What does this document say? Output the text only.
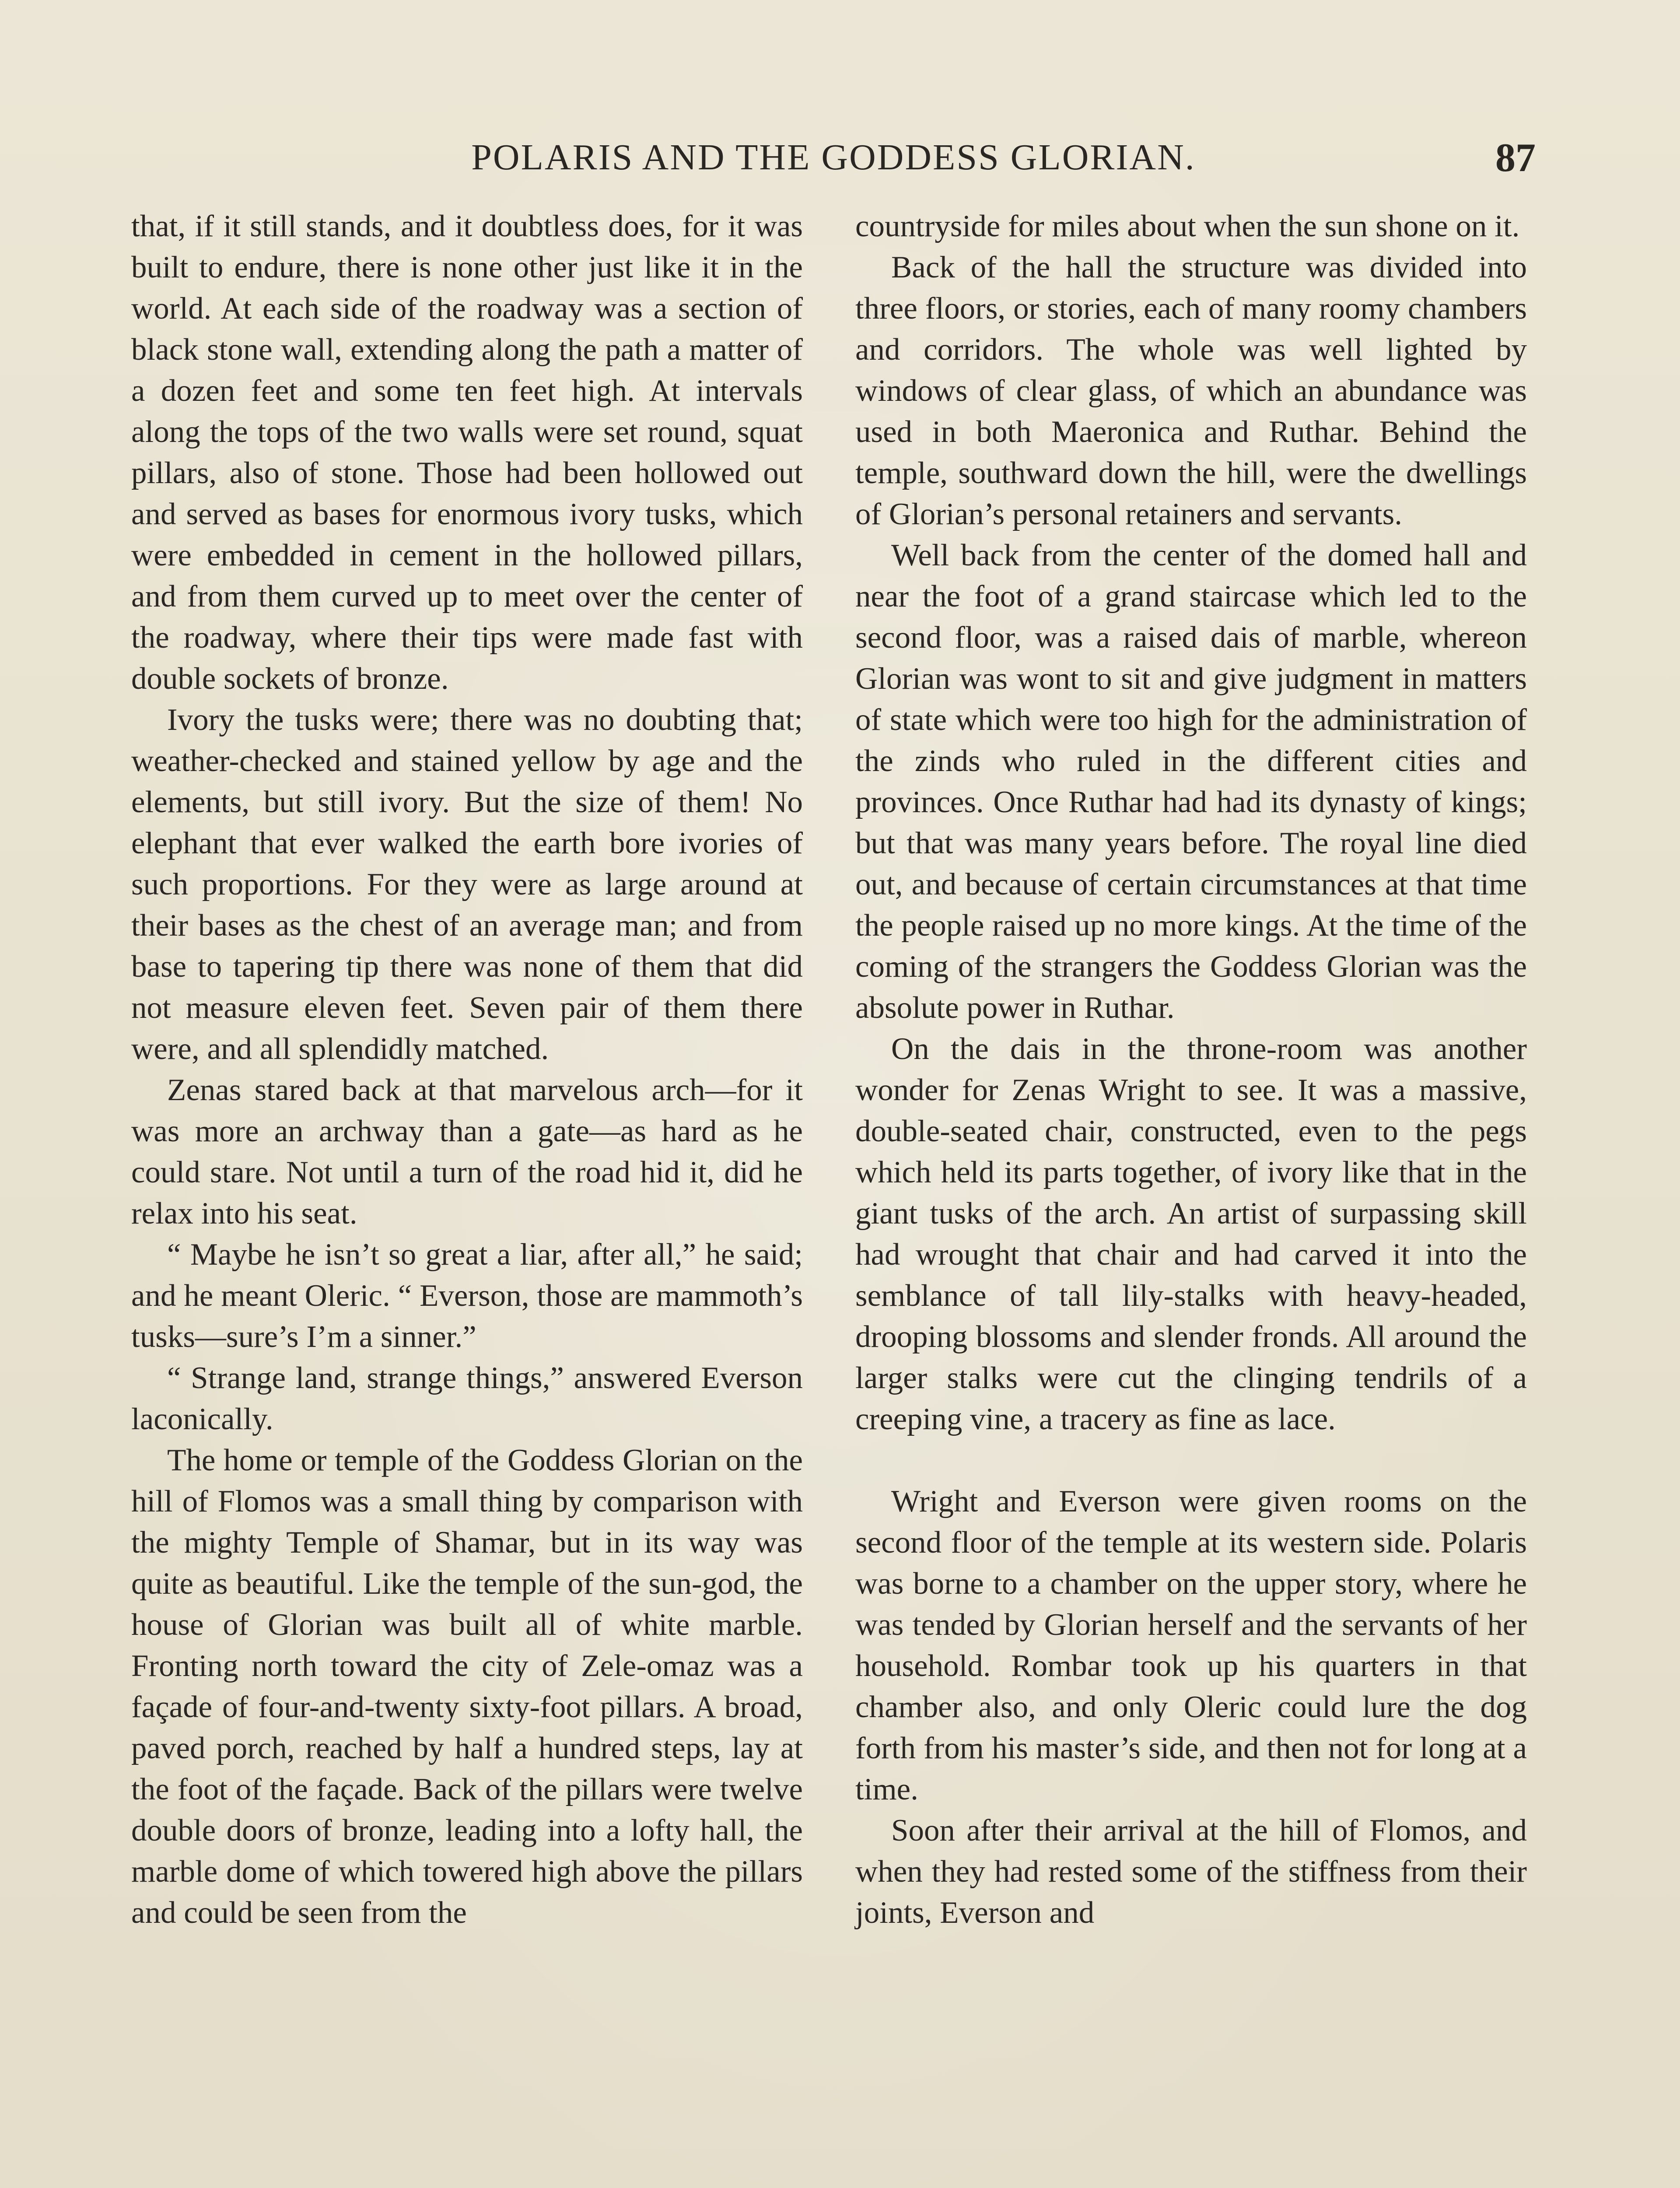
POLARIS AND THE GODDESS GLORIAN.	87

that, if it still stands, and it doubtless does, for it was built to endure, there is none other just like it in the world. At each side of the roadway was a section of black stone wall, extending along the path a matter of a dozen feet and some ten feet high. At intervals along the tops of the two walls were set round, squat pillars, also of stone. Those had been hollowed out and served as bases for enormous ivory tusks, which were embedded in cement in the hollowed pillars, and from them curved up to meet over the center of the roadway, where their tips were made fast with double sockets of bronze.

Ivory the tusks were; there was no doubting that; weather-checked and stained yellow by age and the elements, but still ivory. But the size of them! No elephant that ever walked the earth bore ivories of such proportions. For they were as large around at their bases as the chest of an average man; and from base to tapering tip there was none of them that did not measure eleven feet. Seven pair of them there were, and all splendidly matched.

Zenas stared back at that marvelous arch—for it was more an archway than a gate—as hard as he could stare. Not until a turn of the road hid it, did he relax into his seat.

“ Maybe he isn’t so great a liar, after all,” he said; and he meant Oleric. “ Everson, those are mammoth’s tusks—sure’s I’m a sinner.”

“ Strange land, strange things,” answered Everson laconically.

The home or temple of the Goddess Glorian on the hill of Flomos was a small thing by comparison with the mighty Temple of Shamar, but in its way was quite as beautiful. Like the temple of the sun-god, the house of Glorian was built all of white marble. Fronting north toward the city of Zele-omaz was a façade of four-and-twenty sixty-foot pillars. A broad, paved porch, reached by half a hundred steps, lay at the foot of the façade. Back of the pillars were twelve double doors of bronze, leading into a lofty hall, the marble dome of which towered high above the pillars and could be seen from the

countryside for miles about when the sun shone on it.

Back of the hall the structure was divided into three floors, or stories, each of many roomy chambers and corridors. The whole was well lighted by windows of clear glass, of which an abundance was used in both Maeronica and Ruthar. Behind the temple, southward down the hill, were the dwellings of Glorian’s personal retainers and servants.

Well back from the center of the domed hall and near the foot of a grand staircase which led to the second floor, was a raised dais of marble, whereon Glorian was wont to sit and give judgment in matters of state which were too high for the administration of the zinds who ruled in the different cities and provinces. Once Ruthar had had its dynasty of kings; but that was many years before. The royal line died out, and because of certain circumstances at that time the people raised up no more kings. At the time of the coming of the strangers the Goddess Glorian was the absolute power in Ruthar.

On the dais in the throne-room was another wonder for Zenas Wright to see. It was a massive, double-seated chair, constructed, even to the pegs which held its parts together, of ivory like that in the giant tusks of the arch. An artist of surpassing skill had wrought that chair and had carved it into the semblance of tall lily-stalks with heavy-headed, drooping blossoms and slender fronds. All around the larger stalks were cut the clinging tendrils of a creeping vine, a tracery as fine as lace.

Wright and Everson were given rooms on the second floor of the temple at its western side. Polaris was borne to a chamber on the upper story, where he was tended by Glorian herself and the servants of her household. Rombar took up his quarters in that chamber also, and only Oleric could lure the dog forth from his master’s side, and then not for long at a time.

Soon after their arrival at the hill of Flomos, and when they had rested some of the stiffness from their joints, Everson and
